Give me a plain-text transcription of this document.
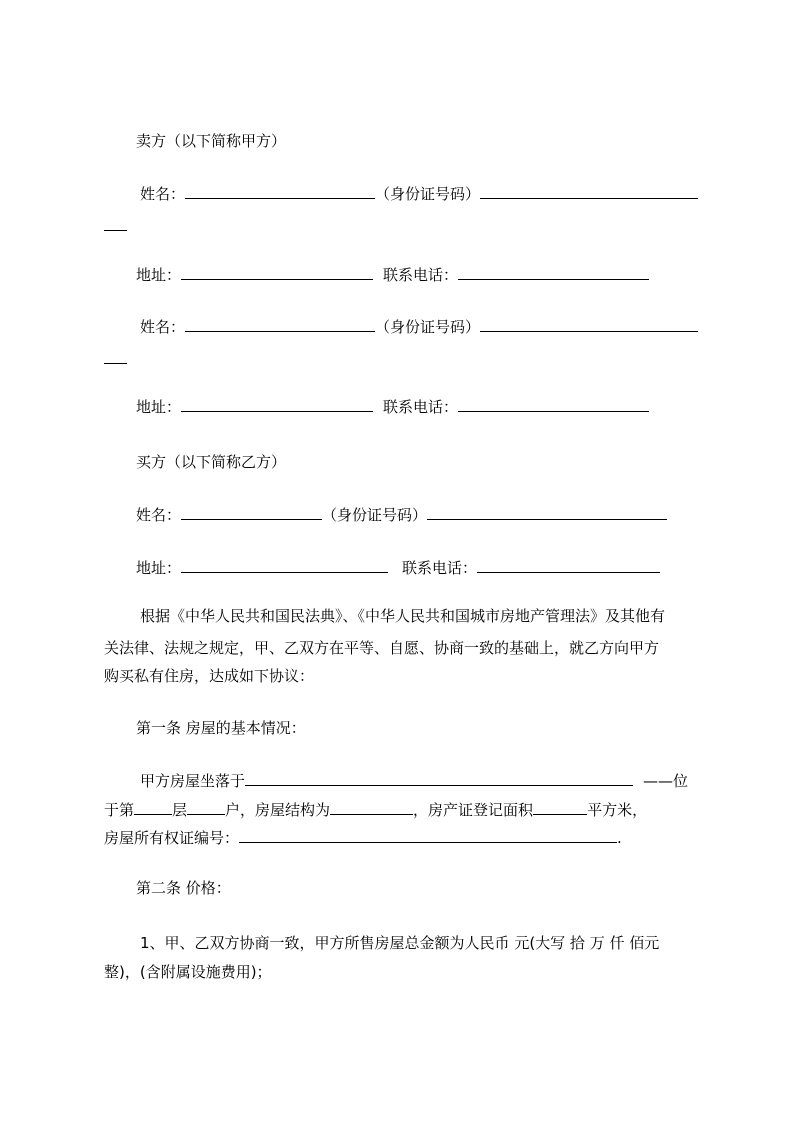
卖方（以下简称甲方）
姓名：	（身份证号码）
地址：	联系电话：
姓名：	（身份证号码）
地址：	联系电话：
买方（以下简称乙方）
姓名：	（身份证号码）
地址：	联系电话：
根据《中华人民共和国民法典》、《中华人民共和国城市房地产管理法》及其他有
关法律、法规之规定，甲、乙双方在平等、自愿、协商一致的基础上，就乙方向甲方
购买私有住房，达成如下协议：
第一条 房屋的基本情况：
甲方房屋坐落于	——位
于第	层	户，房屋结构为	，房产证登记面积	平方米，
房屋所有权证编号：	.
第二条 价格：
1、甲、乙双方协商一致，甲方所售房屋总金额为人民币 元(大写 拾 万 仟 佰元
整)，(含附属设施费用)；
